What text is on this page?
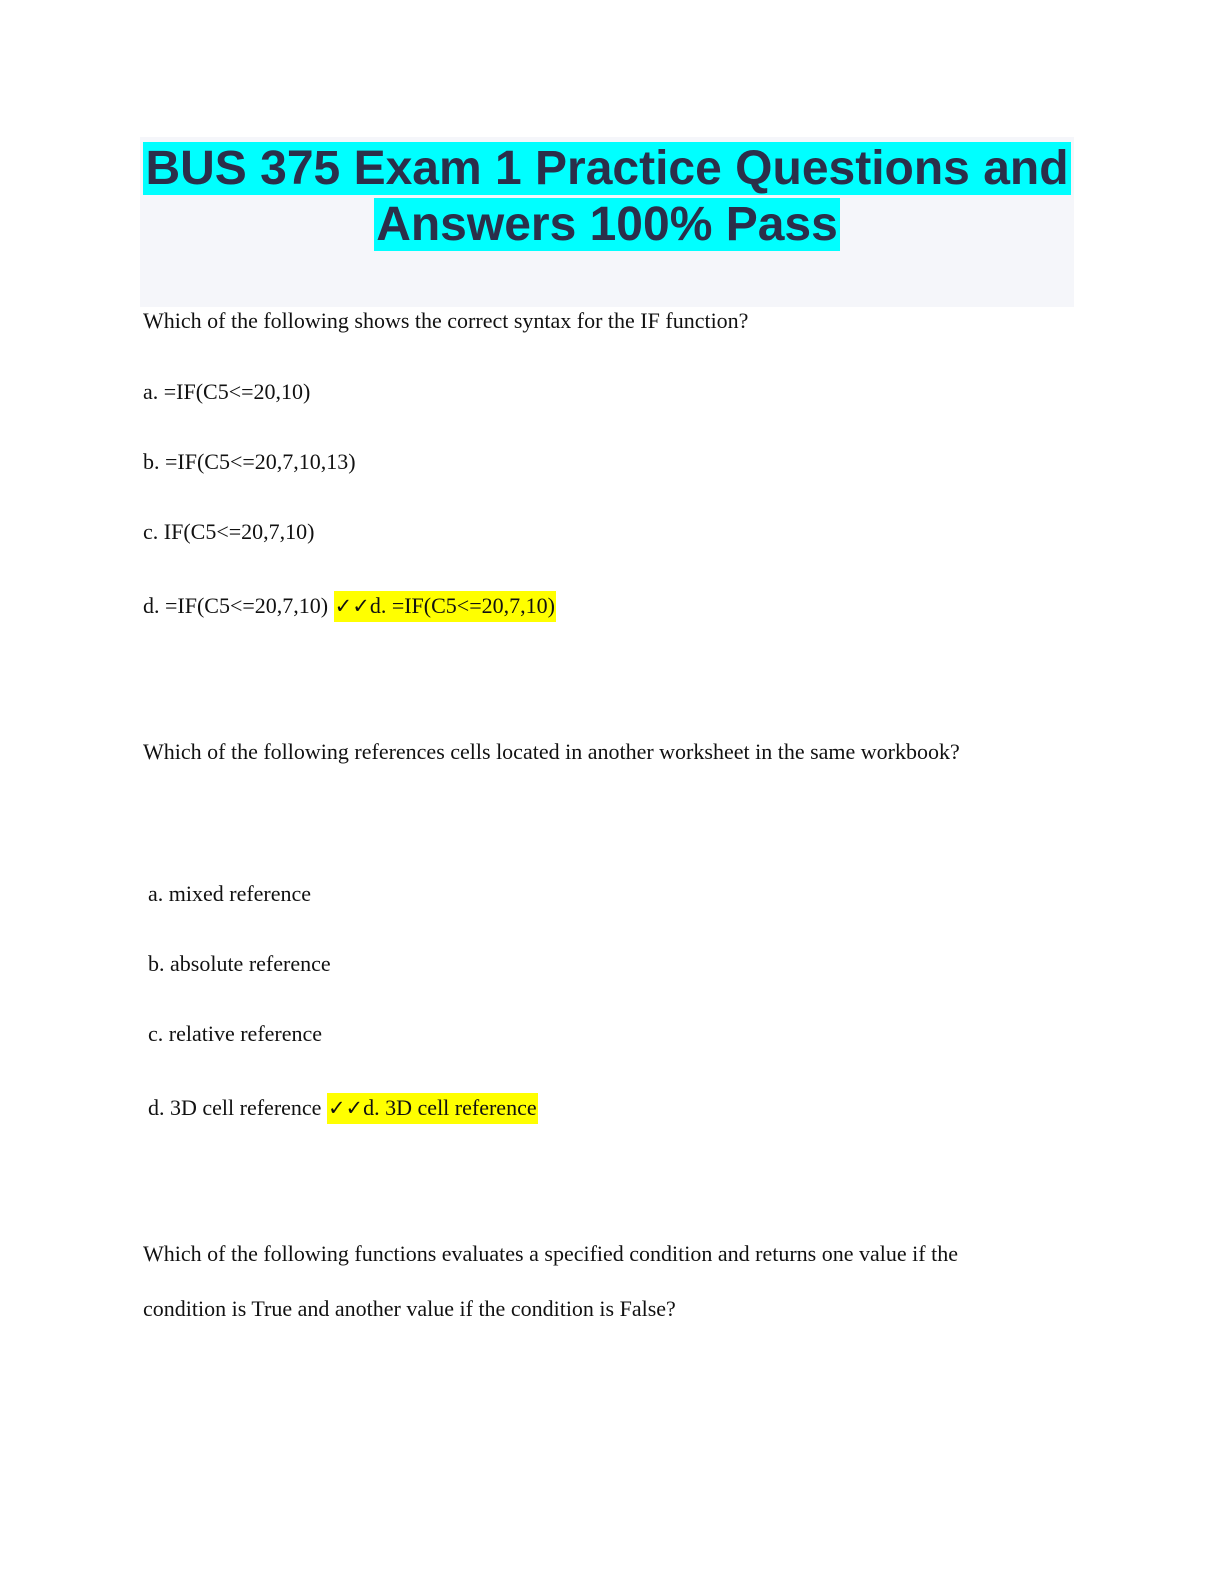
BUS 375 Exam 1 Practice Questions and
Answers 100% Pass
Which of the following shows the correct syntax for the IF function?
a. =IF(C5<=20,10)
b. =IF(C5<=20,7,10,13)
c. IF(C5<=20,7,10)
d. =IF(C5<=20,7,10) ✓✓d. =IF(C5<=20,7,10)
Which of the following references cells located in another worksheet in the same workbook?
a. mixed reference
b. absolute reference
c. relative reference
d. 3D cell reference ✓✓d. 3D cell reference
Which of the following functions evaluates a specified condition and returns one value if the
condition is True and another value if the condition is False?
